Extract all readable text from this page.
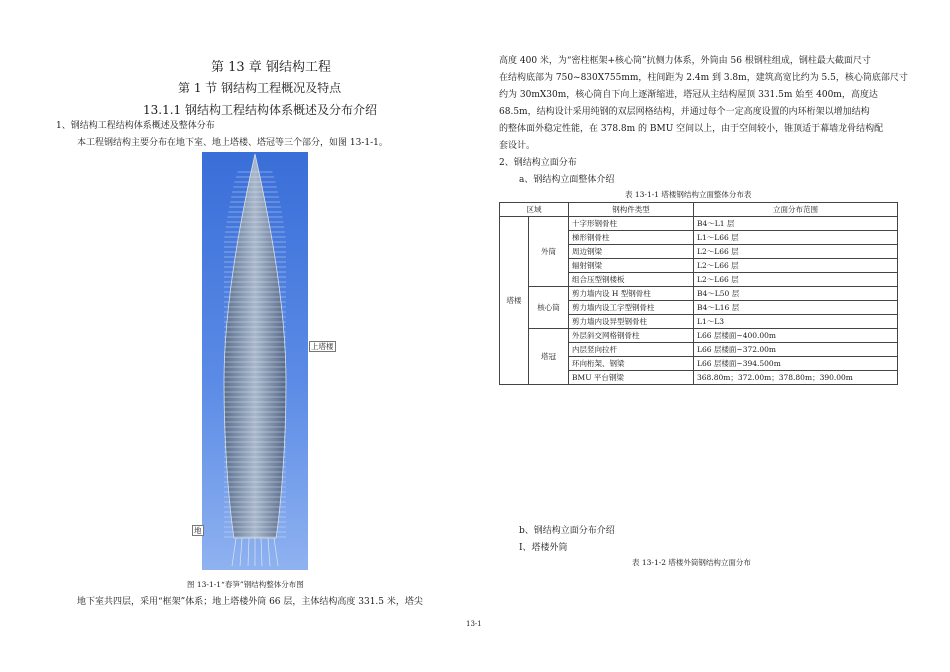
第 13 章 钢结构工程
第 1 节 钢结构工程概况及特点
13.1.1 钢结构工程结构体系概述及分布介绍
1、钢结构工程结构体系概述及整体分布
本工程钢结构主要分布在地下室、地上塔楼、塔冠等三个部分，如图 13-1-1。
上塔楼
地
图 13-1-1“春笋”钢结构整体分布图
地下室共四层，采用“框架”体系；地上塔楼外筒 66 层，主体结构高度 331.5 米，塔尖
高度 400 米，为“密柱框架+核心筒”抗侧力体系，外筒由 56 根钢柱组成，钢柱最大截面尺寸
在结构底部为 750~830X755mm，柱间距为 2.4m 到 3.8m，建筑高宽比约为 5.5，核心筒底部尺寸
约为 30mX30m，核心筒自下向上逐渐缩进，塔冠从主结构屋顶 331.5m 始至 400m，高度达
68.5m，结构设计采用纯钢的双层网格结构，并通过每个一定高度设置的内环桁架以增加结构
的整体面外稳定性能，在 378.8m 的 BMU 空间以上，由于空间较小，锥顶适于幕墙龙骨结构配
套设计。
2、钢结构立面分布
a、钢结构立面整体介绍
表 13-1-1 塔楼钢结构立面整体分布表
区域		钢构件类型	立面分布范围
塔楼	外筒	十字形钢骨柱	B4～L1 层
		梯形钢骨柱	L1～L66 层
		周边钢梁	L2～L66 层
		辐射钢梁	L2～L66 层
		组合压型钢楼板	L2～L66 层
	核心筒	剪力墙内设 H 型钢骨柱	B4～L50 层
		剪力墙内设工字型钢骨柱	B4～L16 层
		剪力墙内设异型钢骨柱	L1～L3
	塔冠	外层斜交网格钢骨柱	L66 层楼面~400.00m
		内层竖向拉杆	L66 层楼面~372.00m
		环向桁架、钢梁	L66 层楼面~394.500m
		BMU 平台钢梁	368.80m；372.00m；378.80m；390.00m
b、钢结构立面分布介绍
Ⅰ、塔楼外筒
表 13-1-2 塔楼外筒钢结构立面分布
13-1
